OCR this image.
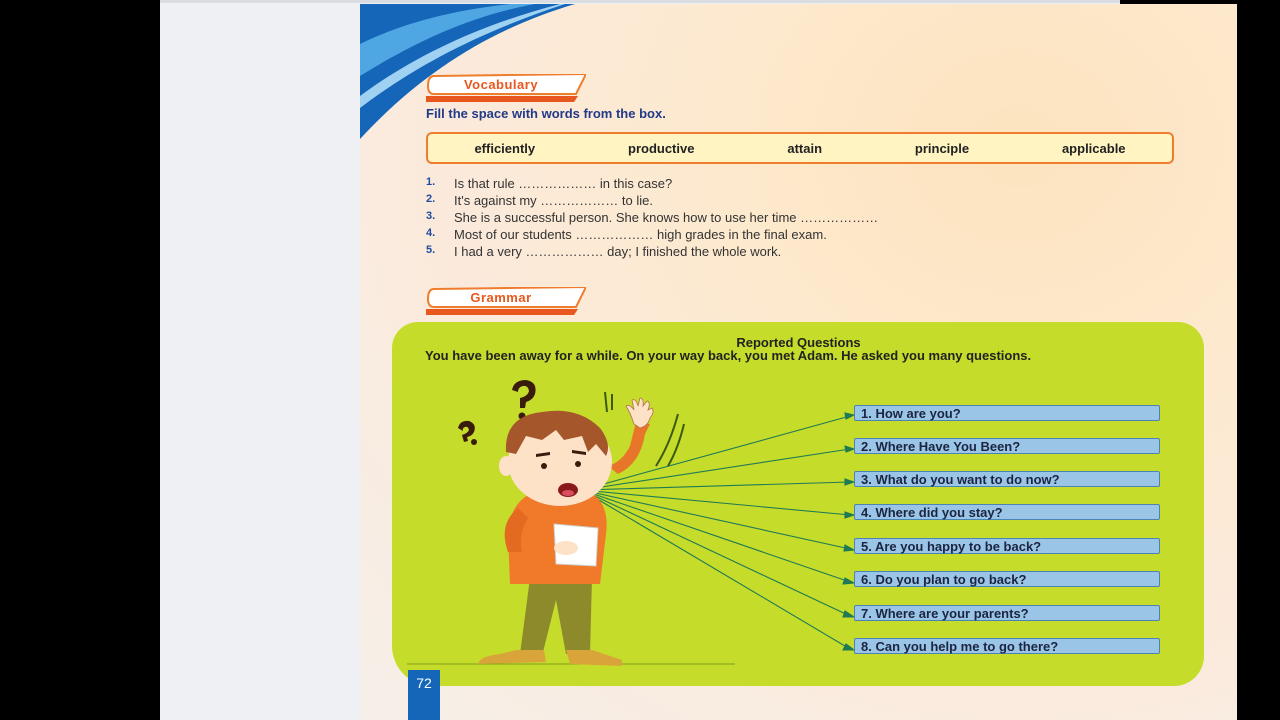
Vocabulary
Fill the space with words from the box.
efficiently	productive	attain	principle	applicable
1. Is that rule ……………… in this case?
2. It's against my ……………… to lie.
3. She is a successful person. She knows how to use her time ………………
4. Most of our students ……………… high grades in the final exam.
5. I had a very ……………… day; I finished the whole work.
Grammar
Reported Questions
You have been away for a while. On your way back, you met Adam. He asked you many questions.
1. How are you?
2. Where Have You Been?
3. What do you want to do now?
4. Where did you stay?
5. Are you happy to be back?
6. Do you plan to go back?
7. Where are your parents?
8. Can you help me to go there?
72
